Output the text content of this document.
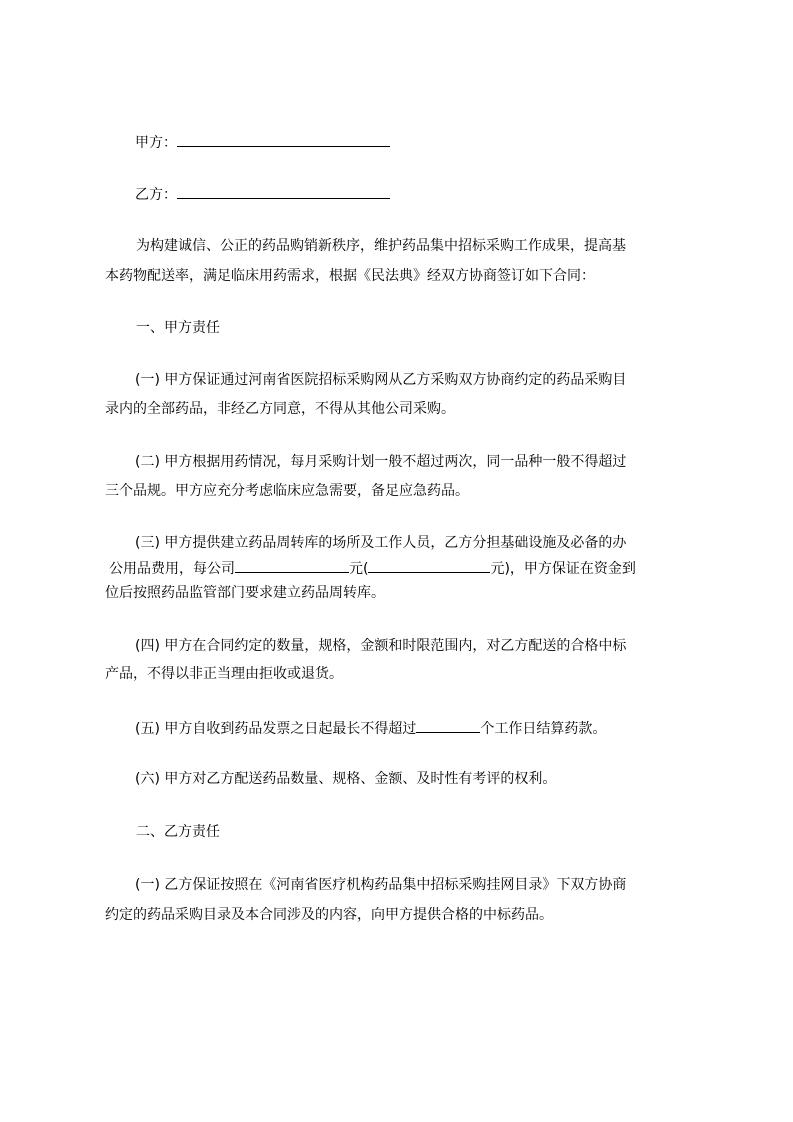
甲方：
乙方：
为构建诚信、公正的药品购销新秩序，维护药品集中招标采购工作成果，提高基
本药物配送率，满足临床用药需求，根据《民法典》经双方协商签订如下合同：
一、甲方责任
(一) 甲方保证通过河南省医院招标采购网从乙方采购双方协商约定的药品采购目
录内的全部药品，非经乙方同意，不得从其他公司采购。
(二) 甲方根据用药情况，每月采购计划一般不超过两次，同一品种一般不得超过
三个品规。甲方应充分考虑临床应急需要，备足应急药品。
(三) 甲方提供建立药品周转库的场所及工作人员，乙方分担基础设施及必备的办
公用品费用，每公司	元(	元)，甲方保证在资金到
位后按照药品监管部门要求建立药品周转库。
(四) 甲方在合同约定的数量，规格，金额和时限范围内，对乙方配送的合格中标
产品，不得以非正当理由拒收或退货。
(五) 甲方自收到药品发票之日起最长不得超过	个工作日结算药款。
(六) 甲方对乙方配送药品数量、规格、金额、及时性有考评的权利。
二、乙方责任
(一) 乙方保证按照在《河南省医疗机构药品集中招标采购挂网目录》下双方协商
约定的药品采购目录及本合同涉及的内容，向甲方提供合格的中标药品。
